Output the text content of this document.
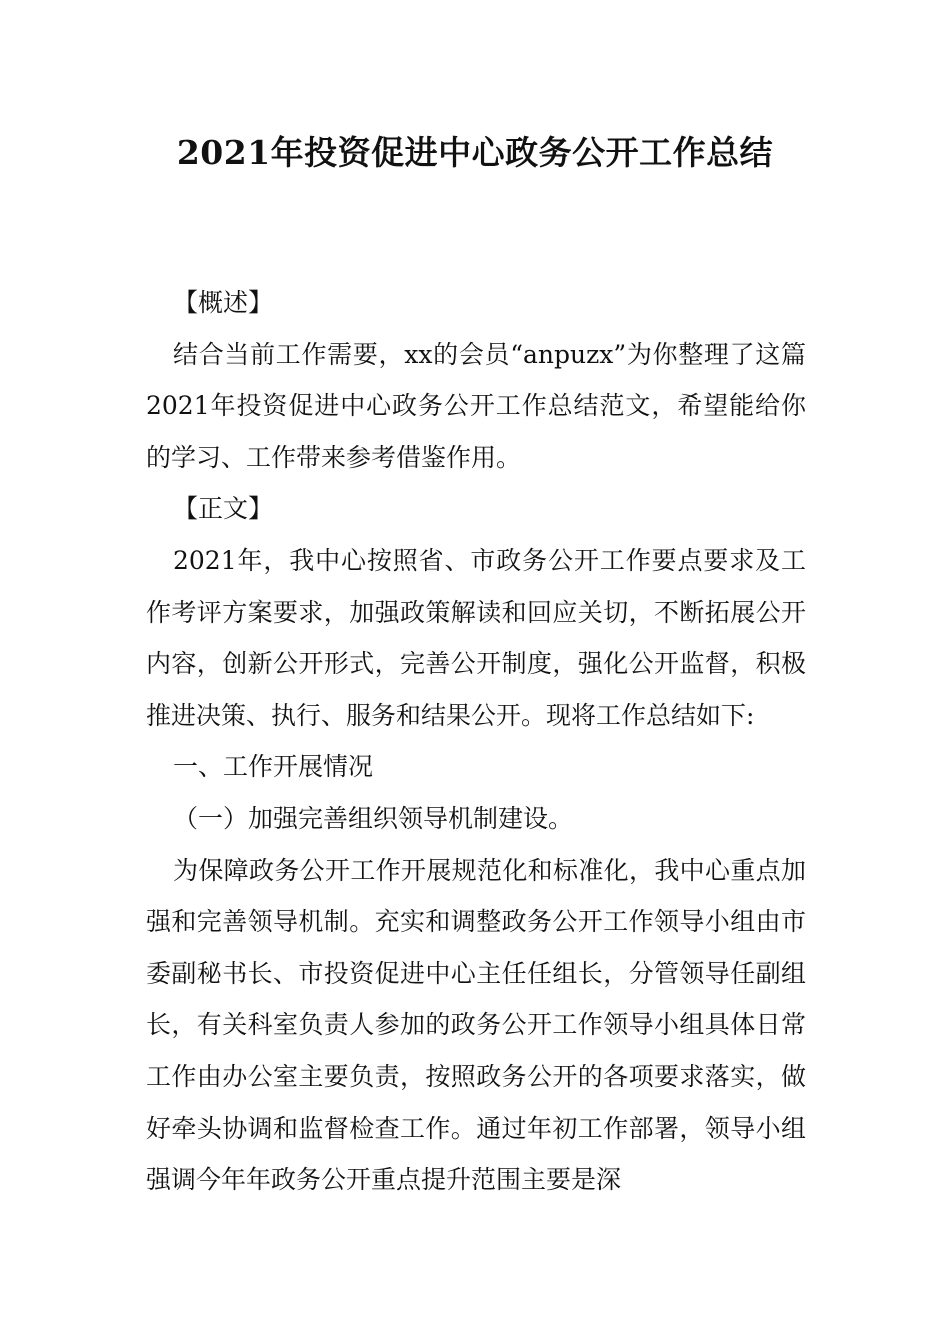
2021年投资促进中心政务公开工作总结

【概述】

结合当前工作需要，xx的会员“anpuzx”为你整理了这篇2021年投资促进中心政务公开工作总结范文，希望能给你的学习、工作带来参考借鉴作用。

【正文】

2021年，我中心按照省、市政务公开工作要点要求及工作考评方案要求，加强政策解读和回应关切，不断拓展公开内容，创新公开形式，完善公开制度，强化公开监督，积极推进决策、执行、服务和结果公开。现将工作总结如下:

一、工作开展情况

（一）加强完善组织领导机制建设。

为保障政务公开工作开展规范化和标准化，我中心重点加强和完善领导机制。充实和调整政务公开工作领导小组由市委副秘书长、市投资促进中心主任任组长，分管领导任副组长，有关科室负责人参加的政务公开工作领导小组具体日常工作由办公室主要负责，按照政务公开的各项要求落实，做好牵头协调和监督检查工作。通过年初工作部署，领导小组强调今年年政务公开重点提升范围主要是深
